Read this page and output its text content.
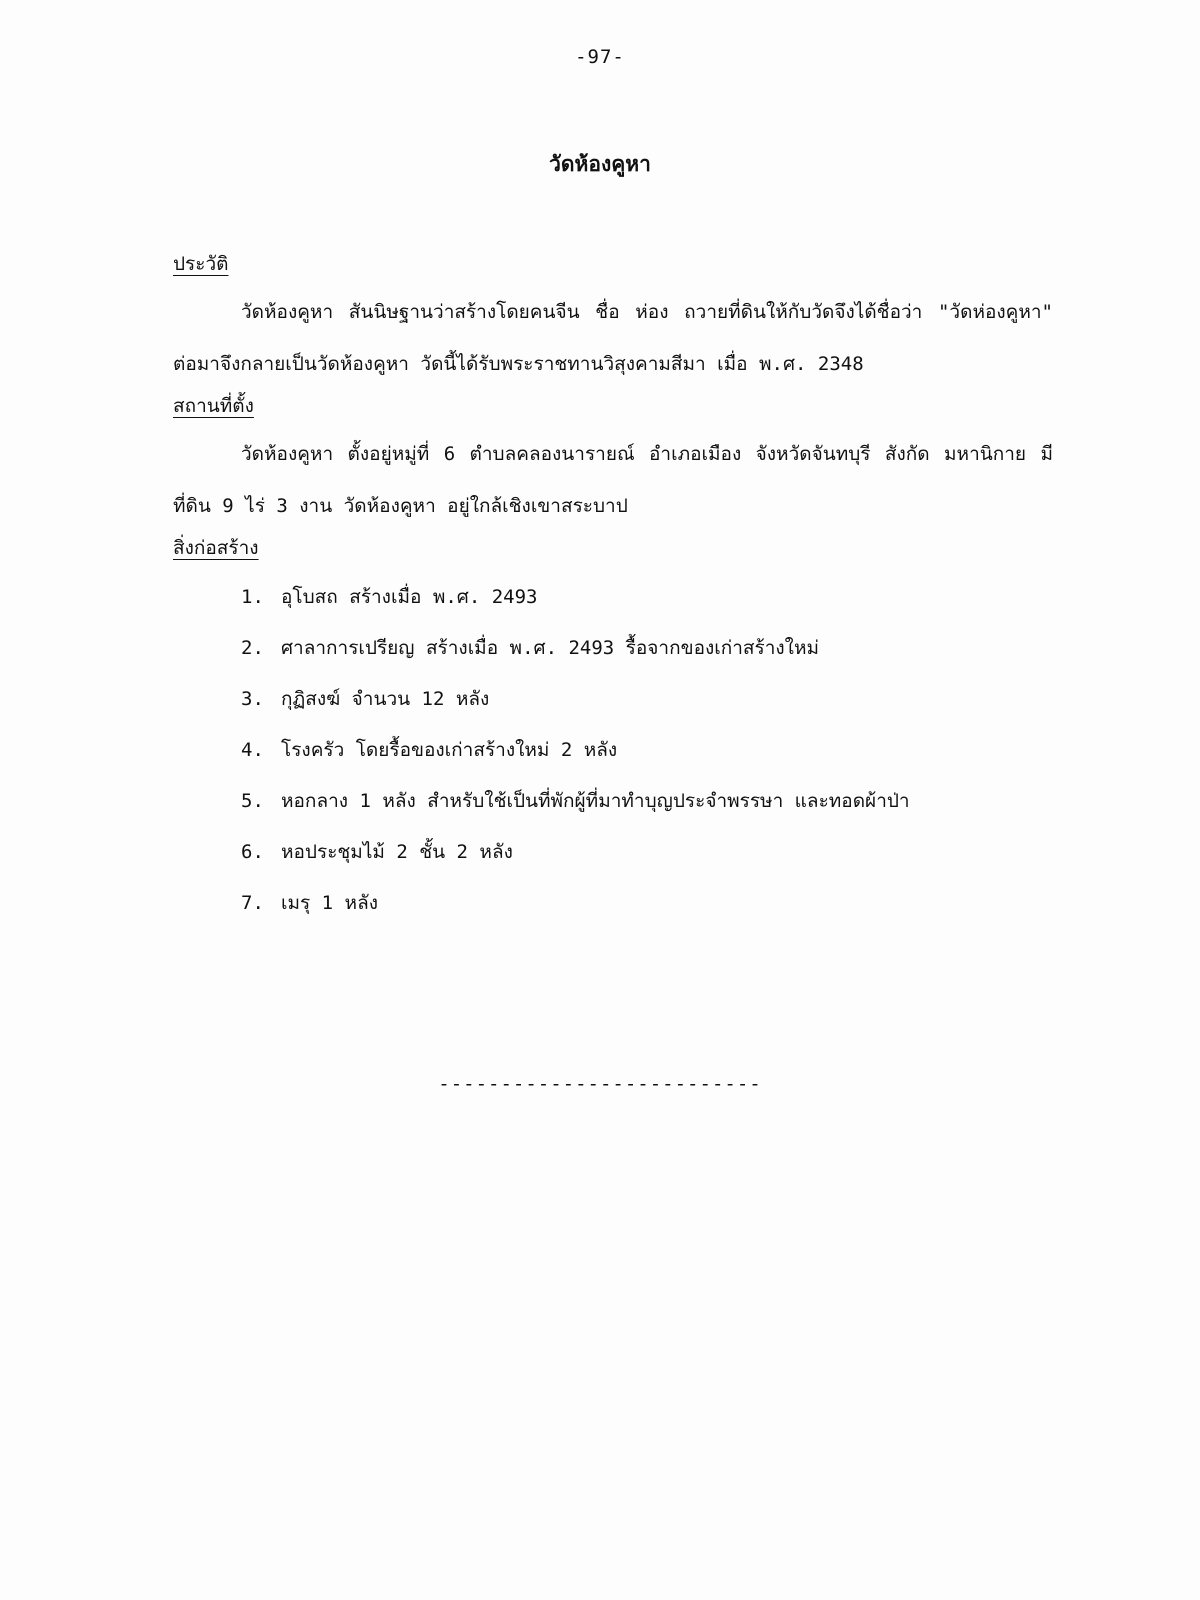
-97-
วัดห้องคูหา
ประวัติ

วัดห้องคูหา สันนิษฐานว่าสร้างโดยคนจีน ชื่อ ห่อง ถวายที่ดินให้กับวัดจึงได้ชื่อว่า "วัดห่องคูหา" ต่อมาจึงกลายเป็นวัดห้องคูหา วัดนี้ได้รับพระราชทานวิสุงคามสีมา เมื่อ พ.ศ. 2348

สถานที่ตั้ง

วัดห้องคูหา ตั้งอยู่หมู่ที่ 6 ตำบลคลองนารายณ์ อำเภอเมือง จังหวัดจันทบุรี สังกัด มหานิกาย มีที่ดิน 9 ไร่ 3 งาน วัดห้องคูหา อยู่ใกล้เชิงเขาสระบาป

สิ่งก่อสร้าง
1. อุโบสถ สร้างเมื่อ พ.ศ. 2493
2. ศาลาการเปรียญ สร้างเมื่อ พ.ศ. 2493 รื้อจากของเก่าสร้างใหม่
3. กุฏิสงฆ์ จำนวน 12 หลัง
4. โรงครัว โดยรื้อของเก่าสร้างใหม่ 2 หลัง
5. หอกลาง 1 หลัง สำหรับใช้เป็นที่พักผู้ที่มาทำบุญประจำพรรษา และทอดผ้าป่า
6. หอประชุมไม้ 2 ชั้น 2 หลัง
7. เมรุ 1 หลัง
--------------------------
